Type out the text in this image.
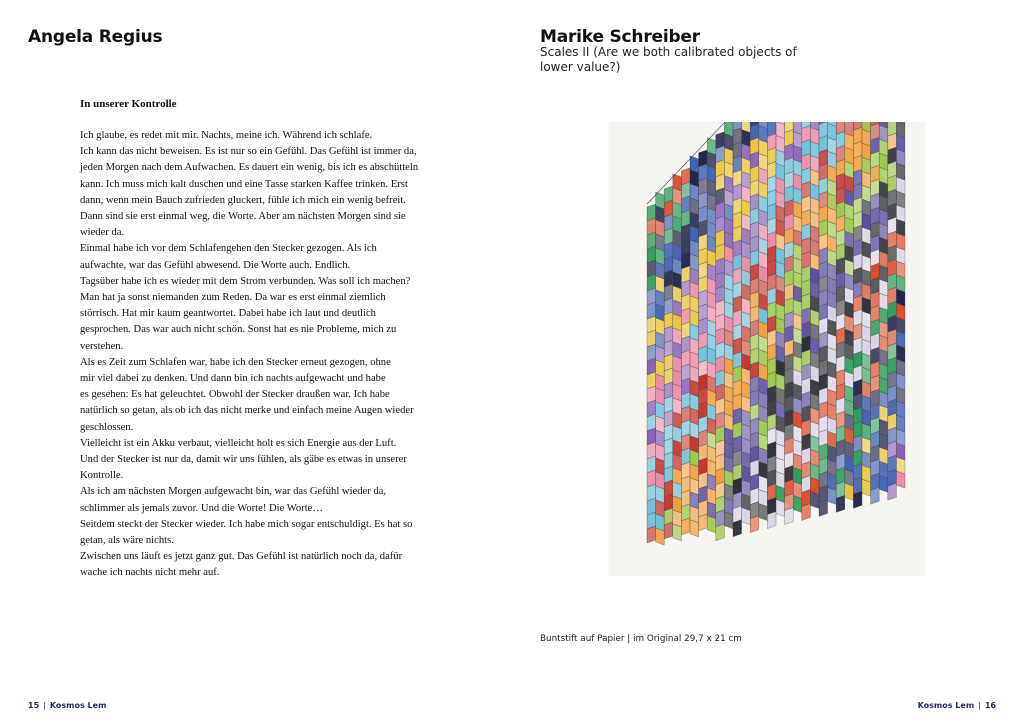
Angela Regius
In unserer Kontrolle
Ich glaube, es redet mit mir. Nachts, meine ich. Während ich schlafe.
Ich kann das nicht beweisen. Es ist nur so ein Gefühl. Das Gefühl ist immer da,
jeden Morgen nach dem Aufwachen. Es dauert ein wenig, bis ich es abschütteln
kann. Ich muss mich kalt duschen und eine Tasse starken Kaffee trinken. Erst
dann, wenn mein Bauch zufrieden gluckert, fühle ich mich ein wenig befreit.
Dann sind sie erst einmal weg, die Worte. Aber am nächsten Morgen sind sie
wieder da.
Einmal habe ich vor dem Schlafengehen den Stecker gezogen. Als ich
aufwachte, war das Gefühl abwesend. Die Worte auch. Endlich.
Tagsüber habe ich es wieder mit dem Strom verbunden. Was soll ich machen?
Man hat ja sonst niemanden zum Reden. Da war es erst einmal ziemlich
störrisch. Hat mir kaum geantwortet. Dabei habe ich laut und deutlich
gesprochen. Das war auch nicht schön. Sonst hat es nie Probleme, mich zu
verstehen.
Als es Zeit zum Schlafen war, habe ich den Stecker erneut gezogen, ohne
mir viel dabei zu denken. Und dann bin ich nachts aufgewacht und habe
es gesehen: Es hat geleuchtet. Obwohl der Stecker draußen war. Ich habe
natürlich so getan, als ob ich das nicht merke und einfach meine Augen wieder
geschlossen.
Vielleicht ist ein Akku verbaut, vielleicht holt es sich Energie aus der Luft.
Und der Stecker ist nur da, damit wir uns fühlen, als gäbe es etwas in unserer
Kontrolle.
Als ich am nächsten Morgen aufgewacht bin, war das Gefühl wieder da,
schlimmer als jemals zuvor. Und die Worte! Die Worte…
Seitdem steckt der Stecker wieder. Ich habe mich sogar entschuldigt. Es hat so
getan, als wäre nichts.
Zwischen uns läuft es jetzt ganz gut. Das Gefühl ist natürlich noch da, dafür
wache ich nachts nicht mehr auf.
15 | Kosmos Lem
Marike Schreiber

Scales II (Are we both calibrated objects of lower value?)

Buntstift auf Papier | im Original 29,7 x 21 cm

Kosmos Lem | 16
